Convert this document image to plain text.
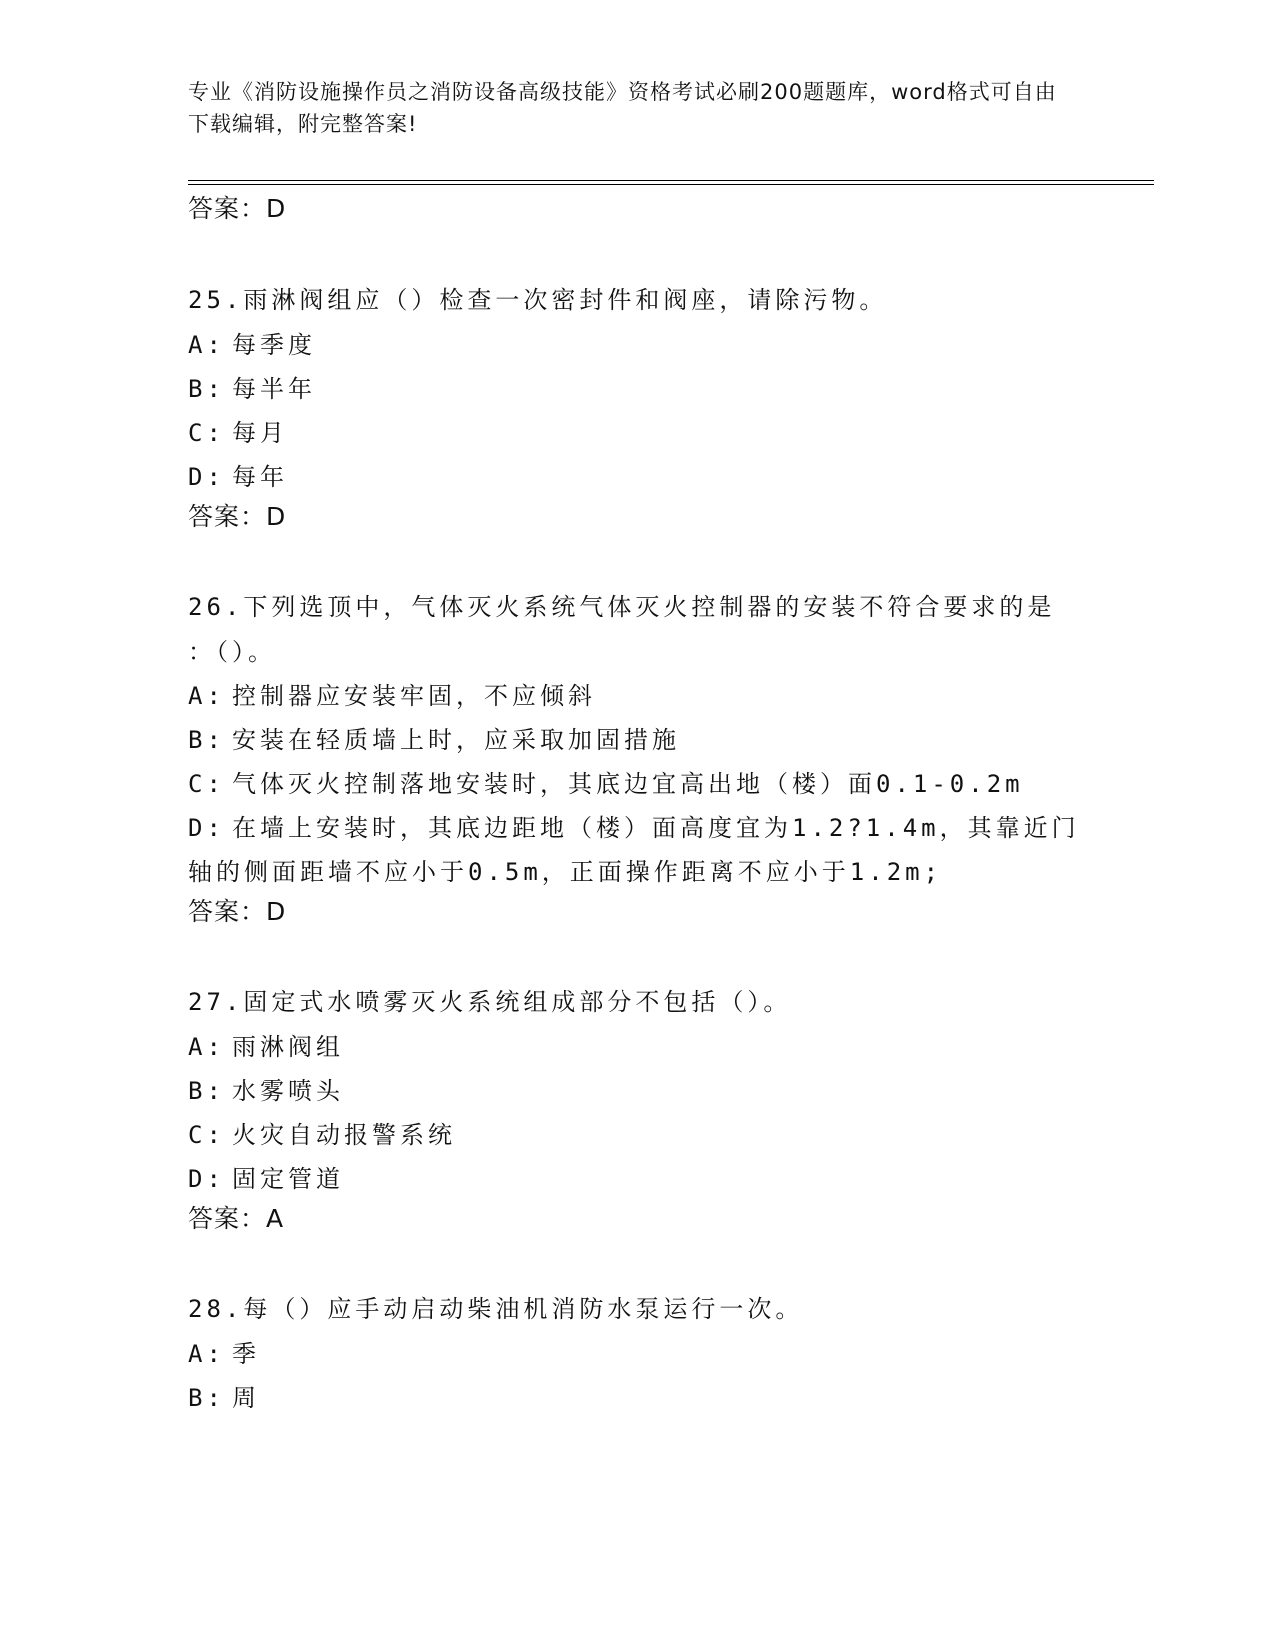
专业《消防设施操作员之消防设备高级技能》资格考试必刷200题题库，word格式可自由下载编辑，附完整答案!
答案：D
25.雨淋阀组应（）检查一次密封件和阀座，请除污物。
A: 每季度
B: 每半年
C: 每月
D: 每年
答案：D
26.下列选顶中，气体灭火系统气体灭火控制器的安装不符合要求的是
：（）。
A: 控制器应安装牢固，不应倾斜
B: 安装在轻质墙上时，应采取加固措施
C: 气体灭火控制落地安装时，其底边宜高出地（楼）面0.1-0.2m
D: 在墙上安装时，其底边距地（楼）面高度宜为1.2?1.4m，其靠近门
轴的侧面距墙不应小于0.5m，正面操作距离不应小于1.2m;
答案：D
27.固定式水喷雾灭火系统组成部分不包括（）。
A: 雨淋阀组
B: 水雾喷头
C: 火灾自动报警系统
D: 固定管道
答案：A
28.每（）应手动启动柴油机消防水泵运行一次。
A: 季
B: 周
